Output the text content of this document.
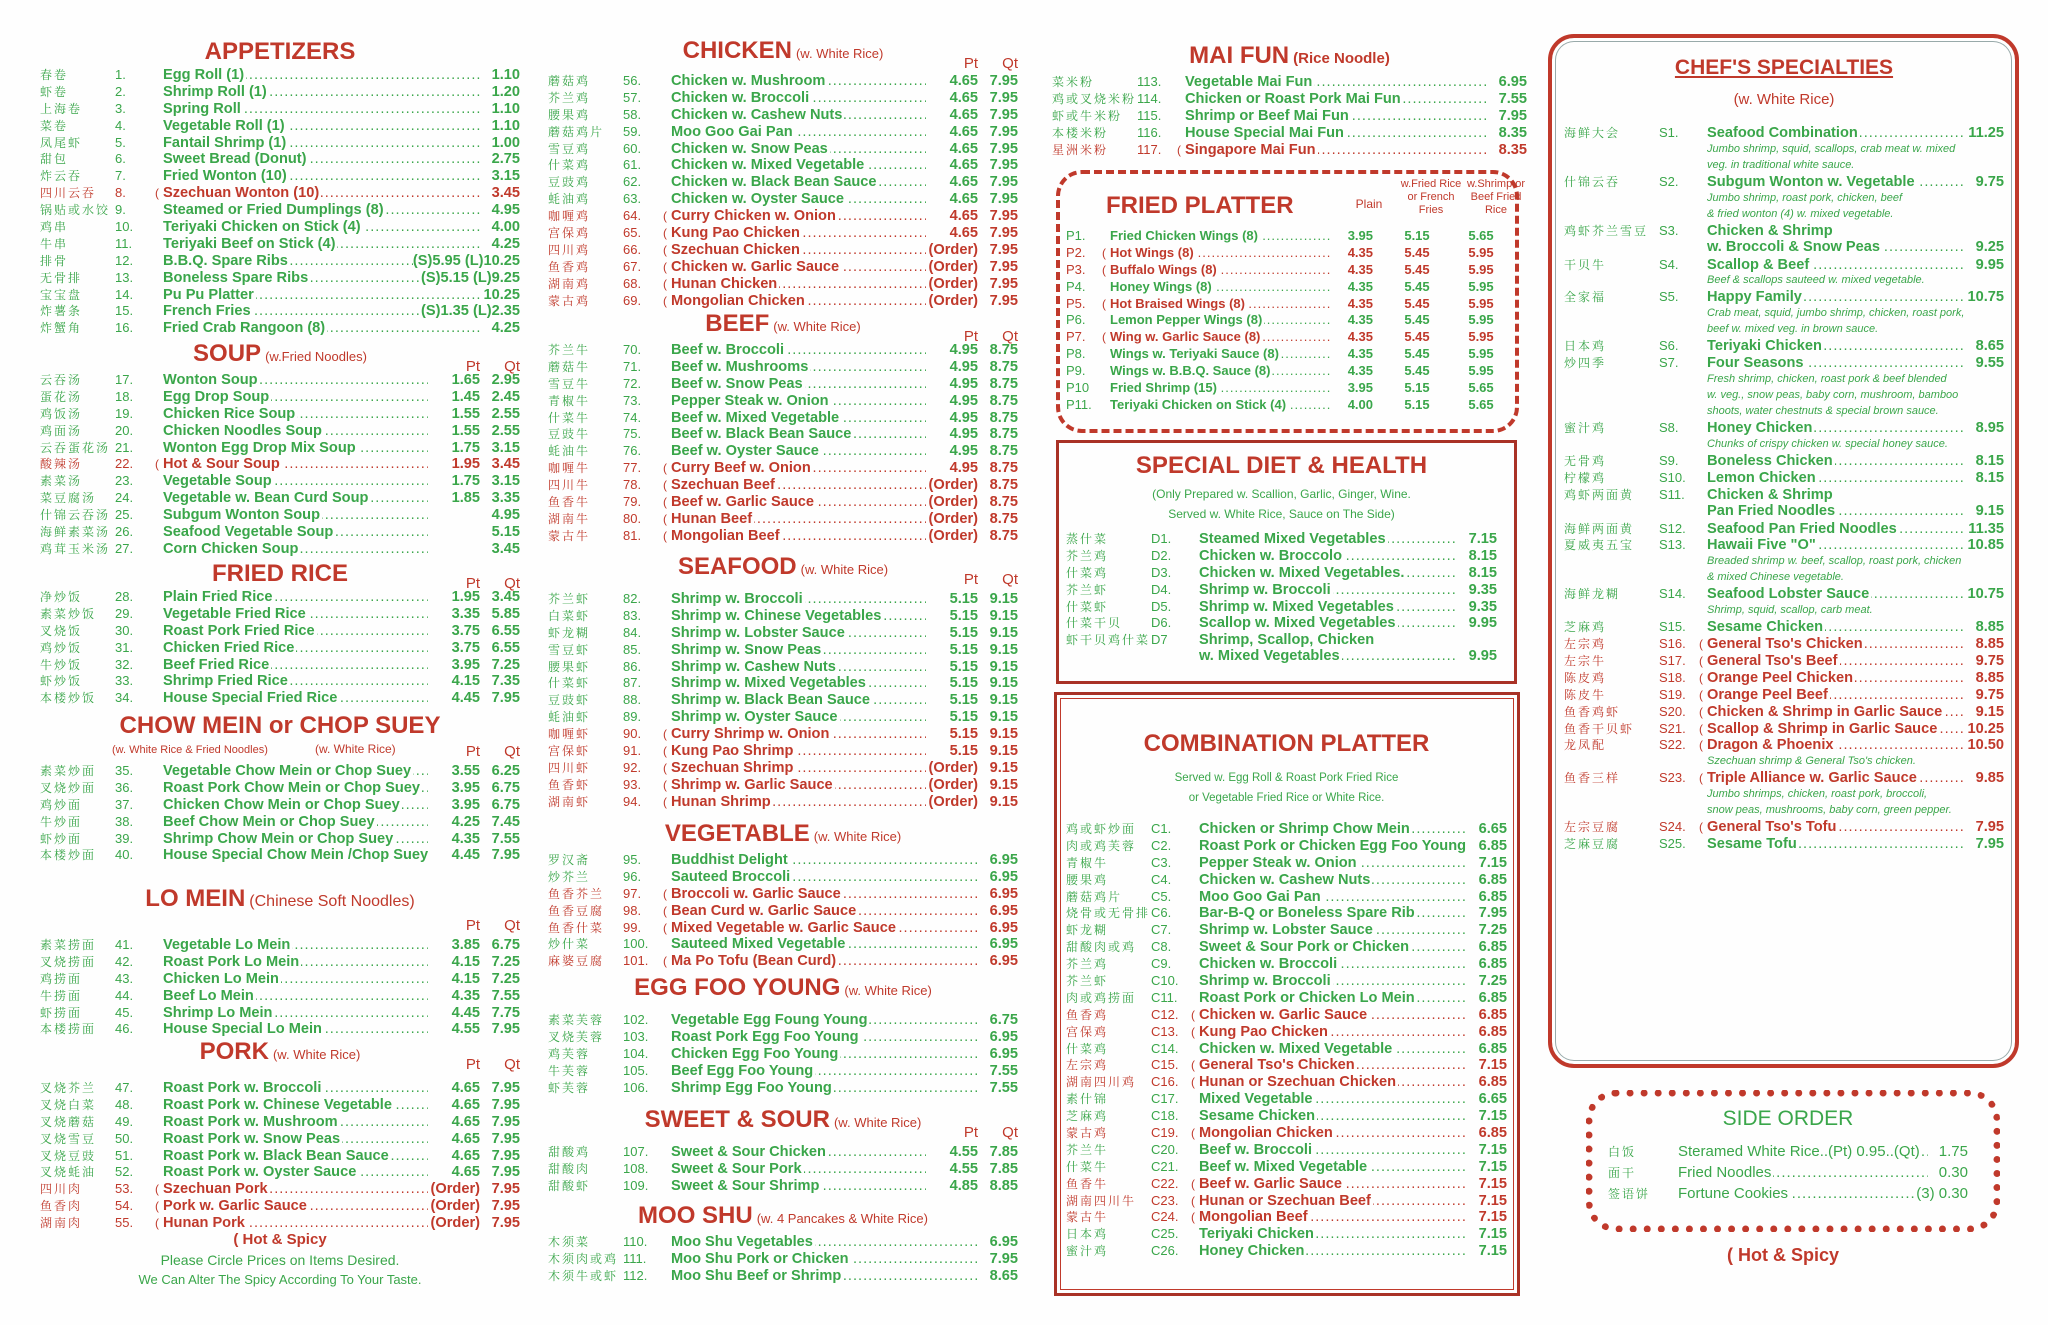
APPETIZERS
春卷	1.	Egg Roll (1) .....	1.10
虾卷	2.	Shrimp Roll (1) .....	1.20
上海卷	3.	Spring Roll .....	1.10
菜卷	4.	Vegetable Roll (1) .....	1.10
凤尾虾	5.	Fantail Shrimp (1) .....	1.00
甜包	6.	Sweet Bread (Donut) .....	2.75
炸云吞	7.	Fried Wonton (10) .....	3.15
四川云吞	8.	( Szechuan Wonton (10) .....	3.45
锅贴或水饺 9.	Steamed or Fried Dumplings (8) .....	4.95
鸡串	10.	Teriyaki Chicken on Stick (4) .....	4.00
牛串	11.	Teriyaki Beef on Stick (4) .....	4.25
排骨	12.	B.B.Q. Spare Ribs .....	(S)5.95 (L)10.25
无骨排	13.	Boneless Spare Ribs .....	(S)5.15 (L)9.25
宝宝盘	14.	Pu Pu Platter .....	10.25
炸薯条	15.	French Fries .....	(S)1.35 (L)2.35
炸蟹角	16.	Fried Crab Rangoon (8) .....	4.25
SOUP (w.Fried Noodles)
Pt Qt
云吞汤	17.	Wonton Soup .....	1.65 2.95
蛋花汤	18.	Egg Drop Soup .....	1.45 2.45
鸡饭汤	19.	Chicken Rice Soup .....	1.55 2.55
鸡面汤	20.	Chicken Noodles Soup .....	1.55 2.55
云吞蛋花汤 21.	Wonton Egg Drop Mix Soup .....	1.75 3.15
酸辣汤	22.	( Hot & Sour Soup .....	1.95 3.45
素菜汤	23.	Vegetable Soup .....	1.75 3.15
菜豆腐汤	24.	Vegetable w. Bean Curd Soup .....	1.85 3.35
什锦云吞汤 25.	Subgum Wonton Soup .....	4.95
海鲜素菜汤 26.	Seafood Vegetable Soup .....	5.15
鸡茸玉米汤 27.	Corn Chicken Soup .....	3.45
FRIED RICE	Pt Qt
净炒饭	28.	Plain Fried Rice .....	1.95 3.45
素菜炒饭	29.	Vegetable Fried Rice .....	3.35 5.85
叉烧饭	30.	Roast Pork Fried Rice .....	3.75 6.55
鸡炒饭	31.	Chicken Fried Rice .....	3.75 6.55
牛炒饭	32.	Beef Fried Rice .....	3.95 7.25
虾炒饭	33.	Shrimp Fried Rice .....	4.15 7.35
本楼炒饭	34.	House Special Fried Rice .....	4.45 7.95
CHOW MEIN or CHOP SUEY
(w. White Rice & Fried Noodles)	(w. White Rice)	Pt Qt
素菜炒面	35.	Vegetable Chow Mein or Chop Suey .....	3.55 6.25
叉烧炒面	36.	Roast Pork Chow Mein or Chop Suey .....	3.95 6.75
鸡炒面	37.	Chicken Chow Mein or Chop Suey .....	3.95 6.75
牛炒面	38.	Beef Chow Mein or Chop Suey .....	4.25 7.45
虾炒面	39.	Shrimp Chow Mein or Chop Suey .....	4.35 7.55
本楼炒面	40.	House Special Chow Mein /Chop Suey .....	4.45 7.95
LO MEIN (Chinese Soft Noodles)
Pt Qt
素菜捞面	41.	Vegetable Lo Mein .....	3.85 6.75
叉烧捞面	42.	Roast Pork Lo Mein .....	4.15 7.25
鸡捞面	43.	Chicken Lo Mein .....	4.15 7.25
牛捞面	44.	Beef Lo Mein .....	4.35 7.55
虾捞面	45.	Shrimp Lo Mein .....	4.45 7.75
本楼捞面	46.	House Special Lo Mein .....	4.55 7.95
PORK (w. White Rice)
Pt Qt
叉烧芥兰	47.	Roast Pork w. Broccoli .....	4.65 7.95
叉烧白菜	48.	Roast Pork w. Chinese Vegetable .....	4.65 7.95
叉烧蘑菇	49.	Roast Pork w. Mushroom .....	4.65 7.95
叉烧雪豆	50.	Roast Pork w. Snow Peas .....	4.65 7.95
叉烧豆豉	51.	Roast Pork w. Black Bean Sauce .....	4.65 7.95
叉烧蚝油	52.	Roast Pork w. Oyster Sauce .....	4.65 7.95
四川肉	53.	( Szechuan Pork .....	(Order) 7.95
鱼香肉	54.	( Pork w. Garlic Sauce .....	(Order) 7.95
湖南肉	55.	( Hunan Pork .....	(Order) 7.95
( Hot & Spicy
Please Circle Prices on Items Desired.
We Can Alter The Spicy According To Your Taste.
CHICKEN (w. White Rice)
Pt Qt
蘑菇鸡	56.	Chicken w. Mushroom .....	4.65 7.95
芥兰鸡	57.	Chicken w. Broccoli .....	4.65 7.95
腰果鸡	58.	Chicken w. Cashew Nuts .....	4.65 7.95
蘑菇鸡片	59.	Moo Goo Gai Pan .....	4.65 7.95
雪豆鸡	60.	Chicken w. Snow Peas .....	4.65 7.95
什菜鸡	61.	Chicken w. Mixed Vegetable .....	4.65 7.95
豆豉鸡	62.	Chicken w. Black Bean Sauce .....	4.65 7.95
蚝油鸡	63.	Chicken w. Oyster Sauce .....	4.65 7.95
咖喱鸡	64.	( Curry Chicken w. Onion .....	4.65 7.95
宫保鸡	65.	( Kung Pao Chicken .....	4.65 7.95
四川鸡	66.	( Szechuan Chicken .....	(Order) 7.95
鱼香鸡	67.	( Chicken w. Garlic Sauce .....	(Order) 7.95
湖南鸡	68.	( Hunan Chicken .....	(Order) 7.95
蒙古鸡	69.	( Mongolian Chicken .....	(Order) 7.95
BEEF (w. White Rice)
Pt Qt
芥兰牛	70.	Beef w. Broccoli .....	4.95 8.75
蘑菇牛	71.	Beef w. Mushrooms .....	4.95 8.75
雪豆牛	72.	Beef w. Snow Peas .....	4.95 8.75
青椒牛	73.	Pepper Steak w. Onion .....	4.95 8.75
什菜牛	74.	Beef w. Mixed Vegetable .....	4.95 8.75
豆豉牛	75.	Beef w. Black Bean Sauce .....	4.95 8.75
蚝油牛	76.	Beef w. Oyster Sauce .....	4.95 8.75
咖喱牛	77.	( Curry Beef w. Onion .....	4.95 8.75
四川牛	78.	( Szechuan Beef .....	(Order) 8.75
鱼香牛	79.	( Beef w. Garlic Sauce .....	(Order) 8.75
湖南牛	80.	( Hunan Beef .....	(Order) 8.75
蒙古牛	81.	( Mongolian Beef .....	(Order) 8.75
SEAFOOD (w. White Rice)
Pt Qt
芥兰虾	82.	Shrimp w. Broccoli .....	5.15 9.15
白菜虾	83.	Shrimp w. Chinese Vegetables .....	5.15 9.15
虾龙糊	84.	Shrimp w. Lobster Sauce .....	5.15 9.15
雪豆虾	85.	Shrimp w. Snow Peas .....	5.15 9.15
腰果虾	86.	Shrimp w. Cashew Nuts .....	5.15 9.15
什菜虾	87.	Shrimp w. Mixed Vegetables .....	5.15 9.15
豆豉虾	88.	Shrimp w. Black Bean Sauce .....	5.15 9.15
蚝油虾	89.	Shrimp w. Oyster Sauce .....	5.15 9.15
咖喱虾	90.	( Curry Shrimp w. Onion .....	5.15 9.15
宫保虾	91.	( Kung Pao Shrimp .....	5.15 9.15
四川虾	92.	( Szechuan Shrimp .....	(Order) 9.15
鱼香虾	93.	( Shrimp w. Garlic Sauce .....	(Order) 9.15
湖南虾	94.	( Hunan Shrimp .....	(Order) 9.15
VEGETABLE (w. White Rice)
罗汉斋	95.	Buddhist Delight .....	6.95
炒芥兰	96.	Sauteed Broccoli .....	6.95
鱼香芥兰	97.	( Broccoli w. Garlic Sauce .....	6.95
鱼香豆腐	98.	( Bean Curd w. Garlic Sauce .....	6.95
鱼香什菜	99.	( Mixed Vegetable w. Garlic Sauce .....	6.95
炒什菜	100.	Sauteed Mixed Vegetable .....	6.95
麻婆豆腐	101.	( Ma Po Tofu (Bean Curd) .....	6.95
EGG FOO YOUNG (w. White Rice)
素菜芙蓉	102.	Vegetable Egg Foung Young .....	6.75
叉烧芙蓉	103.	Roast Pork Egg Foo Young .....	6.95
鸡芙蓉	104.	Chicken Egg Foo Young .....	6.95
牛芙蓉	105.	Beef Egg Foo Young .....	7.55
虾芙蓉	106.	Shrimp Egg Foo Young .....	7.55
SWEET & SOUR (w. White Rice)
Pt Qt
甜酸鸡	107.	Sweet & Sour Chicken .....	4.55 7.85
甜酸肉	108.	Sweet & Sour Pork .....	4.55 7.85
甜酸虾	109.	Sweet & Sour Shrimp .....	4.85 8.85
MOO SHU (w. 4 Pancakes & White Rice)
木须菜	110.	Moo Shu Vegetables .....	6.95
木须肉或鸡 111.	Moo Shu Pork or Chicken .....	7.95
木须牛或虾 112.	Moo Shu Beef or Shrimp .....	8.65
MAI FUN (Rice Noodle)
菜米粉	113.	Vegetable Mai Fun .....	6.95
鸡或叉烧米粉 114.	Chicken or Roast Pork Mai Fun .....	7.55
虾或牛米粉	115.	Shrimp or Beef Mai Fun .....	7.95
本楼米粉	116.	House Special Mai Fun .....	8.35
星洲米粉	117.	( Singapore Mai Fun .....	8.35
FRIED PLATTER	Plain
w.Fried Rice or French Fries
w.Shrimp or Beef Fried Rice
P1.	Fried Chicken Wings (8) .....	3.95	5.15	5.65
P2.	( Hot Wings (8) .....	4.35	5.45	5.95
P3.	( Buffalo Wings (8) .....	4.35	5.45	5.95
P4.	Honey Wings (8) .....	4.35	5.45	5.95
P5.	( Hot Braised Wings (8) .....	4.35	5.45	5.95
P6.	Lemon Pepper Wings (8) .....	4.35	5.45	5.95
P7.	( Wing w. Garlic Sauce (8) .....	4.35	5.45	5.95
P8.	Wings w. Teriyaki Sauce (8) .....	4.35	5.45	5.95
P9.	Wings w. B.B.Q. Sauce (8) .....	4.35	5.45	5.95
P10	Fried Shrimp (15) .....	3.95	5.15	5.65
P11.	Teriyaki Chicken on Stick (4) .....	4.00	5.15	5.65
SPECIAL DIET & HEALTH
(Only Prepared w. Scallion, Garlic, Ginger, Wine.
Served w. White Rice, Sauce on The Side)
蒸什菜	D1.	Steamed Mixed Vegetables .....	7.15
芥兰鸡	D2.	Chicken w. Broccolo .....	8.15
什菜鸡	D3.	Chicken w. Mixed Vegetables. .....	8.15
芥兰虾	D4.	Shrimp w. Broccoli .....	9.35
什菜虾	D5.	Shrimp w. Mixed Vegetables .....	9.35
什菜干贝	D6.	Scallop w. Mixed Vegetables .....	9.95
虾干贝鸡什菜 D7	Shrimp, Scallop, Chicken
w. Mixed Vegetables .....	9.95
COMBINATION PLATTER
Served w. Egg Roll & Roast Pork Fried Rice
or Vegetable Fried Rice or White Rice.
鸡或虾炒面	C1.	Chicken or Shrimp Chow Mein .....	6.65
肉或鸡芙蓉	C2.	Roast Pork or Chicken Egg Foo Young ..... 6.85
青椒牛	C3.	Pepper Steak w. Onion .....	7.15
腰果鸡	C4.	Chicken w. Cashew Nuts .....	6.85
蘑菇鸡片	C5.	Moo Goo Gai Pan .....	6.85
烧骨或无骨排 C6.	Bar-B-Q or Boneless Spare Rib .....	7.95
虾龙糊	C7.	Shrimp w. Lobster Sauce .....	7.25
甜酸肉或鸡	C8.	Sweet & Sour Pork or Chicken .....	6.85
芥兰鸡	C9.	Chicken w. Broccoli .....	6.85
芥兰虾	C10.	Shrimp w. Broccoli .....	7.25
肉或鸡捞面	C11.	Roast Pork or Chicken Lo Mein .....	6.85
鱼香鸡	C12.	( Chicken w. Garlic Sauce .....	6.85
宫保鸡	C13.	( Kung Pao Chicken .....	6.85
什菜鸡	C14.	Chicken w. Mixed Vegetable .....	6.85
左宗鸡	C15.	( General Tso's Chicken .....	7.15
湖南四川鸡	C16.	( Hunan or Szechuan Chicken .....	6.85
素什锦	C17.	Mixed Vegetable .....	6.65
芝麻鸡	C18.	Sesame Chicken .....	7.15
蒙古鸡	C19.	( Mongolian Chicken .....	6.85
芥兰牛	C20.	Beef w. Broccoli .....	7.15
什菜牛	C21.	Beef w. Mixed Vegetable .....	7.15
鱼香牛	C22.	( Beef w. Garlic Sauce .....	7.15
湖南四川牛	C23.	( Hunan or Szechuan Beef .....	7.15
蒙古牛	C24.	( Mongolian Beef .....	7.15
日本鸡	C25.	Teriyaki Chicken .....	7.15
蜜汁鸡	C26.	Honey Chicken .....	7.15
CHEF'S SPECIALTIES
(w. White Rice)
海鲜大会	S1.	Seafood Combination .....	11.25
Jumbo shrimp, squid, scallops, crab meat w. mixed
veg. in traditional white sauce.
什锦云吞	S2.	Subgum Wonton w. Vegetable .....	9.75
Jumbo shrimp, roast pork, chicken, beef
& fried wonton (4) w. mixed vegetable.
鸡虾芥兰雪豆 S3.	Chicken & Shrimp
w. Broccoli & Snow Peas .....	9.25
干贝牛	S4.	Scallop & Beef .....	9.95
Beef & scallops sauteed w. mixed vegetable.
全家福	S5.	Happy Family .....	10.75
Crab meat, squid, jumbo shrimp, chicken, roast pork,
beef w. mixed veg. in brown sauce.
日本鸡	S6.	Teriyaki Chicken .....	8.65
炒四季	S7.	Four Seasons .....	9.55
Fresh shrimp, chicken, roast pork & beef blended
w. veg., snow peas, baby corn, mushroom, bamboo
shoots, water chestnuts & special brown sauce.
蜜汁鸡	S8.	Honey Chicken .....	8.95
Chunks of crispy chicken w. special honey sauce.
无骨鸡	S9.	Boneless Chicken .....	8.15
柠檬鸡	S10.	Lemon Chicken .....	8.15
鸡虾两面黄	S11.	Chicken & Shrimp
Pan Fried Noodles .....	9.15
海鲜两面黄	S12.	Seafood Pan Fried Noodles .....	11.35
夏威夷五宝	S13.	Hawaii Five "O" .....	10.85
Breaded shrimp w. beef, scallop, roast pork, chicken
& mixed Chinese vegetable.
海鲜龙糊	S14.	Seafood Lobster Sauce .....	10.75
Shrimp, squid, scallop, carb meat.
芝麻鸡	S15.	Sesame Chicken .....	8.85
左宗鸡	S16.	( General Tso's Chicken .....	8.85
左宗牛	S17.	( General Tso's Beef .....	9.75
陈皮鸡	S18.	( Orange Peel Chicken .....	8.85
陈皮牛	S19.	( Orange Peel Beef .....	9.75
鱼香鸡虾	S20.	( Chicken & Shrimp in Garlic Sauce .....	9.15
鱼香干贝虾	S21.	( Scallop & Shrimp in Garlic Sauce .....	10.25
龙凤配	S22.	( Dragon & Phoenix .....	10.50
Szechuan shrimp & General Tso's chicken.
鱼香三样	S23.	( Triple Alliance w. Garlic Sauce .....	9.85
Jumbo shrimps, chicken, roast pork, broccoli,
snow peas, mushrooms, baby corn, green pepper.
左宗豆腐	S24.	( General Tso's Tofu .....	7.95
芝麻豆腐	S25.	Sesame Tofu .....	7.95
SIDE ORDER
白饭	Steramed White Rice..(Pt) 0.95..(Qt) .....	1.75
面干	Fried Noodles .....	0.30
签语饼	Fortune Cookies .....	(3) 0.30
( Hot & Spicy
